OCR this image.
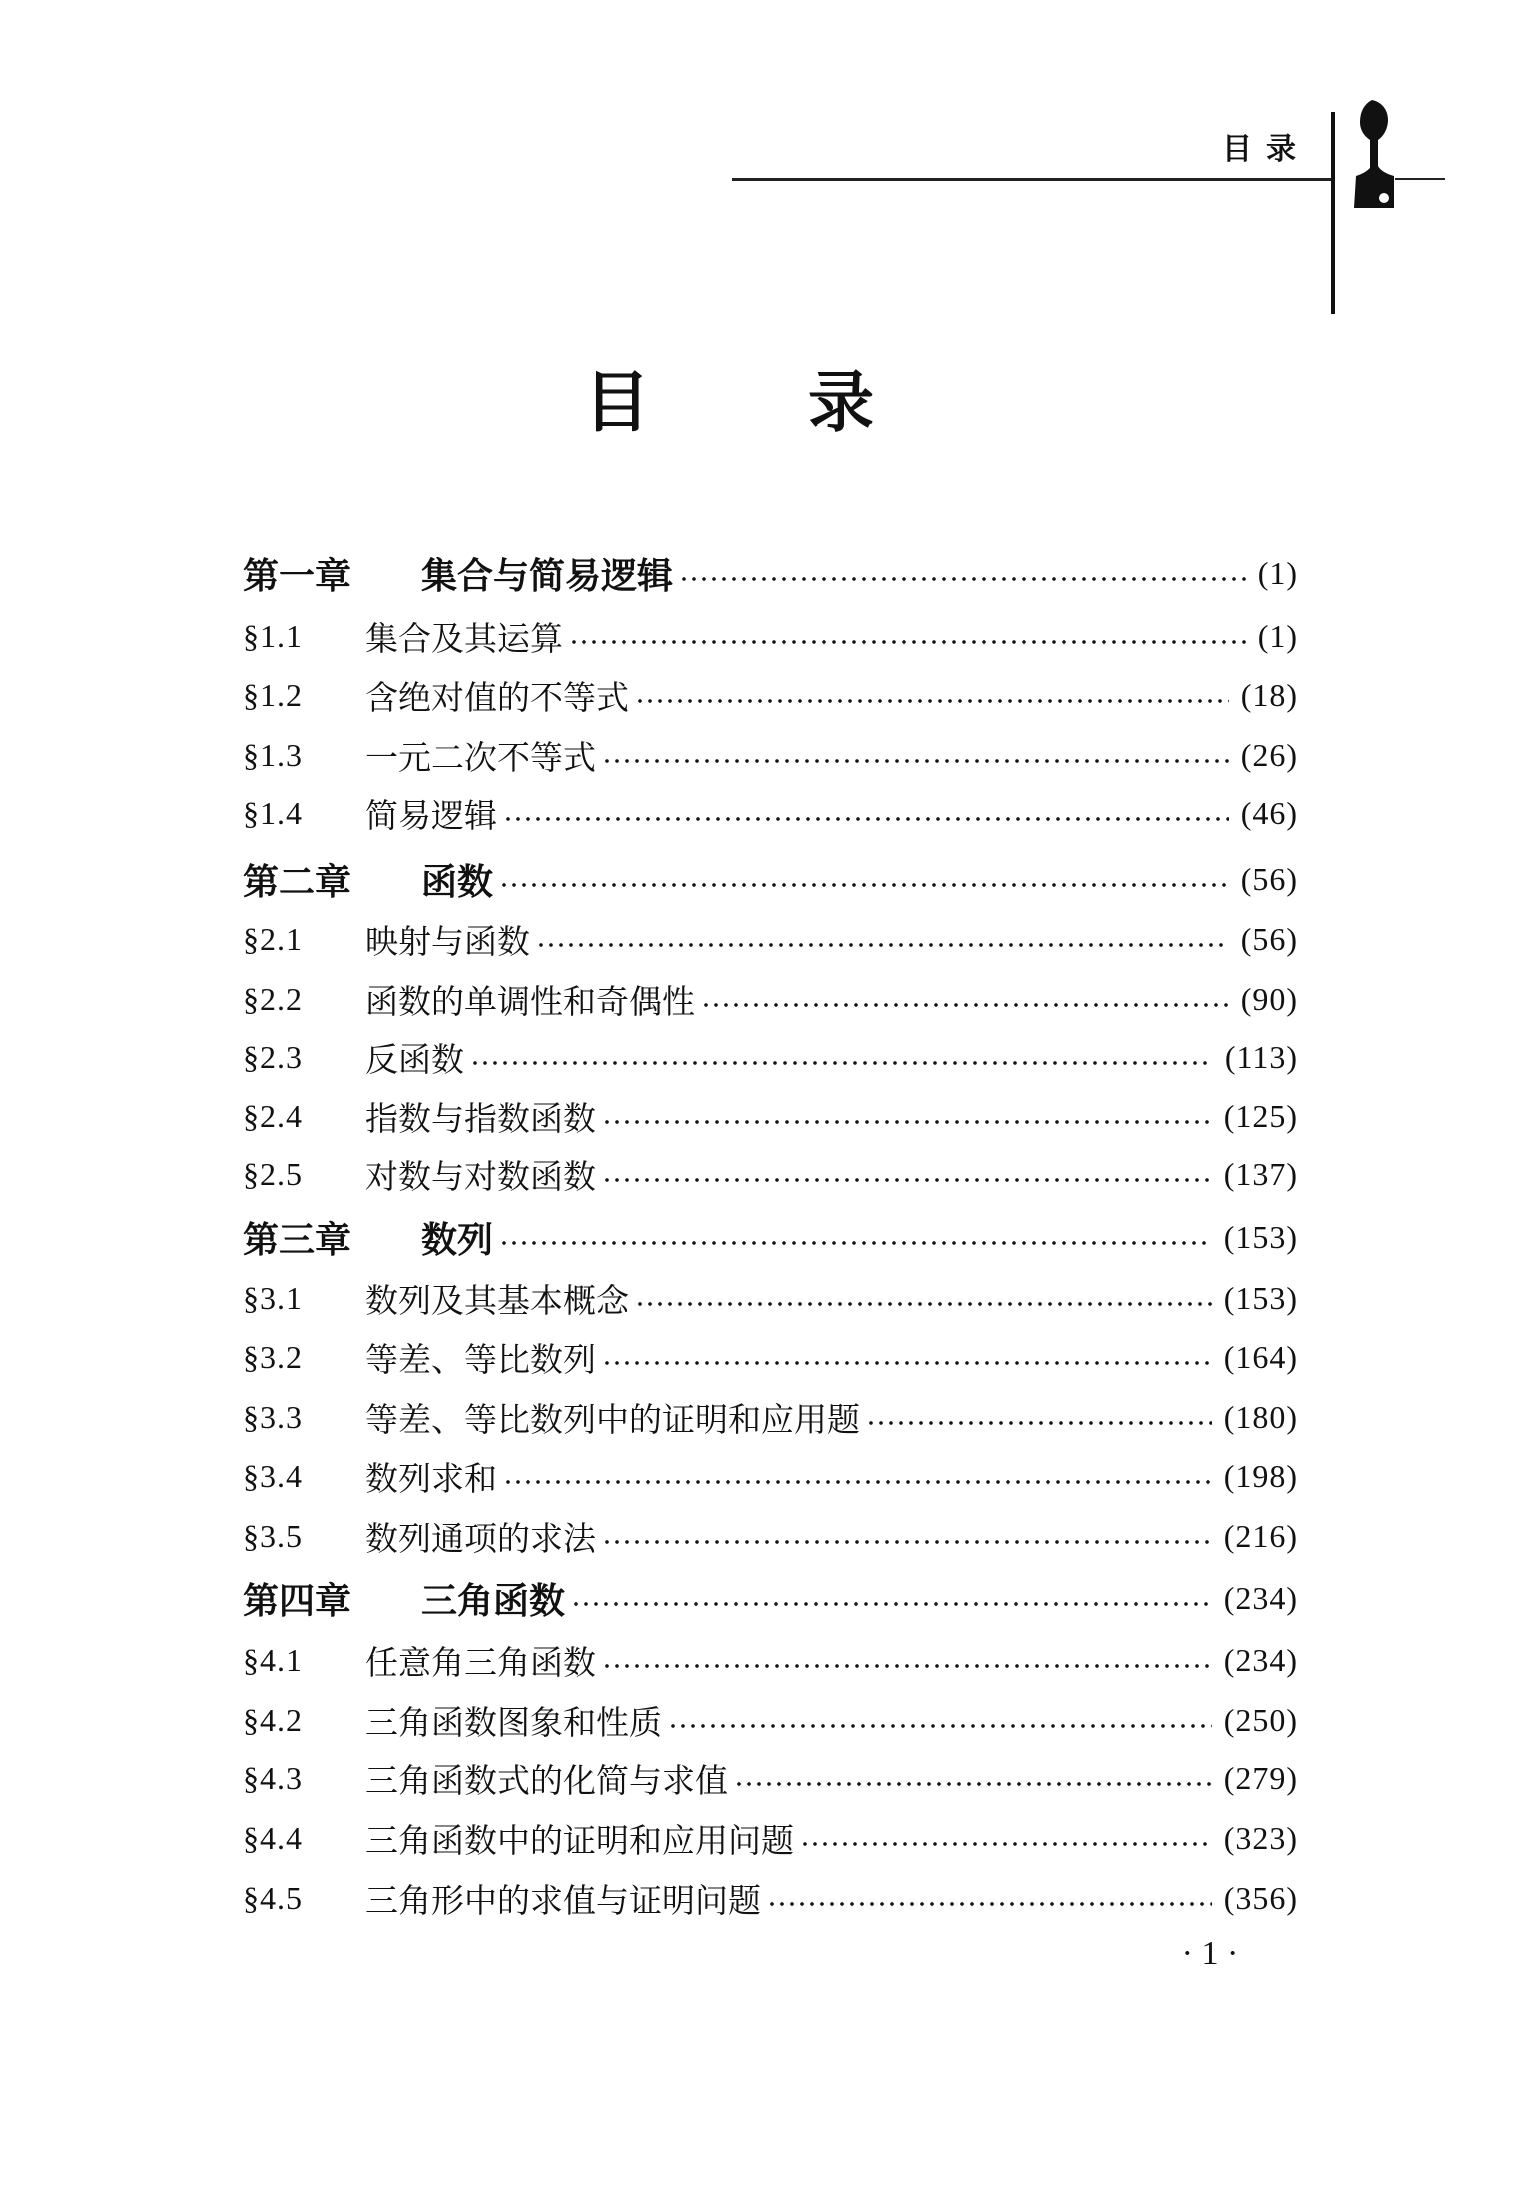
目录
目 录
第一章	集合与简易逻辑	(1)
§1.1	集合及其运算	(1)
§1.2	含绝对值的不等式	(18)
§1.3	一元二次不等式	(26)
§1.4	简易逻辑	(46)
第二章	函数	(56)
§2.1	映射与函数	(56)
§2.2	函数的单调性和奇偶性	(90)
§2.3	反函数	(113)
§2.4	指数与指数函数	(125)
§2.5	对数与对数函数	(137)
第三章	数列	(153)
§3.1	数列及其基本概念	(153)
§3.2	等差、等比数列	(164)
§3.3	等差、等比数列中的证明和应用题	(180)
§3.4	数列求和	(198)
§3.5	数列通项的求法	(216)
第四章	三角函数	(234)
§4.1	任意角三角函数	(234)
§4.2	三角函数图象和性质	(250)
§4.3	三角函数式的化简与求值	(279)
§4.4	三角函数中的证明和应用问题	(323)
§4.5	三角形中的求值与证明问题	(356)
· 1 ·
